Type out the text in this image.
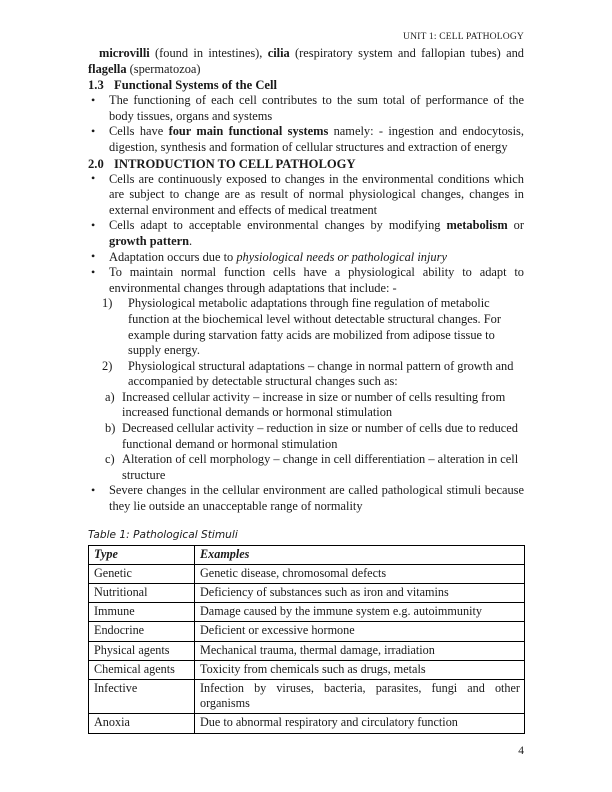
UNIT 1: CELL PATHOLOGY

microvilli (found in intestines), cilia (respiratory system and fallopian tubes) and flagella (spermatozoa)

1.3 Functional Systems of the Cell
• The functioning of each cell contributes to the sum total of performance of the body tissues, organs and systems
• Cells have four main functional systems namely: - ingestion and endocytosis, digestion, synthesis and formation of cellular structures and extraction of energy
2.0 INTRODUCTION TO CELL PATHOLOGY
• Cells are continuously exposed to changes in the environmental conditions which are subject to change are as result of normal physiological changes, changes in external environment and effects of medical treatment
• Cells adapt to acceptable environmental changes by modifying metabolism or growth pattern.
• Adaptation occurs due to physiological needs or pathological injury
• To maintain normal function cells have a physiological ability to adapt to environmental changes through adaptations that include: -
1)	Physiological metabolic adaptations through fine regulation of metabolic function at the biochemical level without detectable structural changes. For example during starvation fatty acids are mobilized from adipose tissue to supply energy.
2)	Physiological structural adaptations – change in normal pattern of growth and accompanied by detectable structural changes such as:
a) Increased cellular activity – increase in size or number of cells resulting from increased functional demands or hormonal stimulation
b) Decreased cellular activity – reduction in size or number of cells due to reduced functional demand or hormonal stimulation
c) Alteration of cell morphology – change in cell differentiation – alteration in cell structure
• Severe changes in the cellular environment are called pathological stimuli because they lie outside an unacceptable range of normality

Table 1: Pathological Stimuli

Type	Examples
Genetic	Genetic disease, chromosomal defects
Nutritional	Deficiency of substances such as iron and vitamins
Immune	Damage caused by the immune system e.g. autoimmunity
Endocrine	Deficient or excessive hormone
Physical agents	Mechanical trauma, thermal damage, irradiation
Chemical agents	Toxicity from chemicals such as drugs, metals
Infective	Infection by viruses, bacteria, parasites, fungi and other organisms
Anoxia	Due to abnormal respiratory and circulatory function
4
